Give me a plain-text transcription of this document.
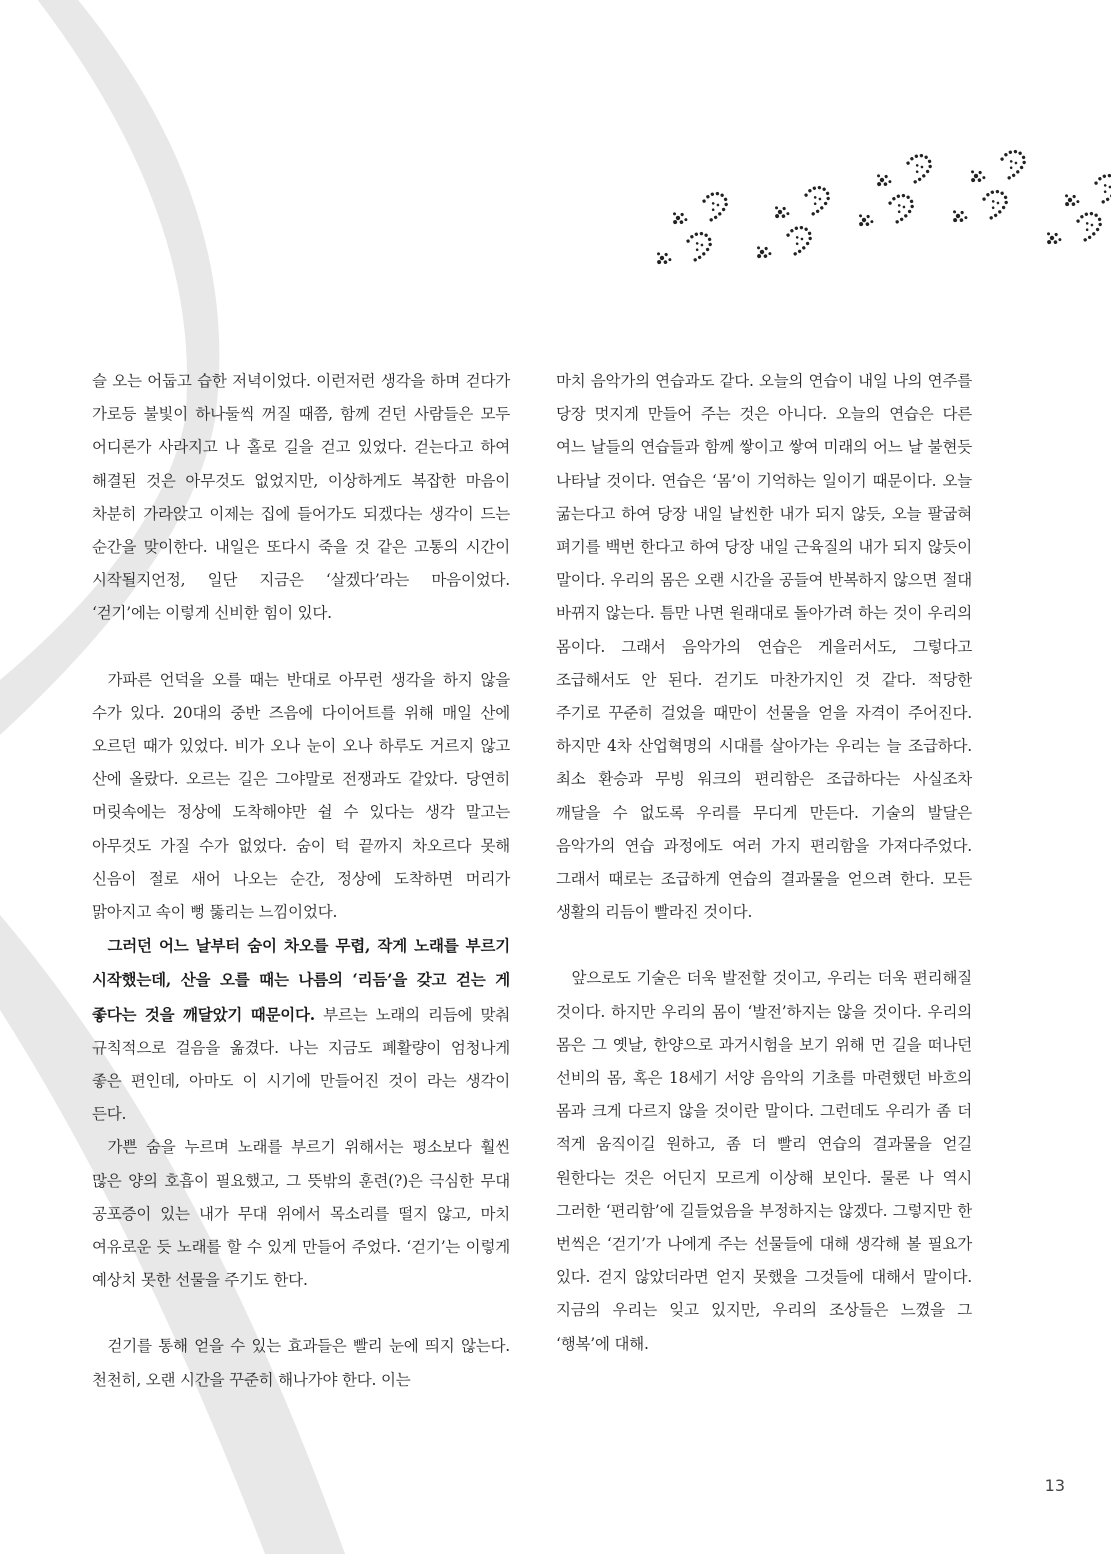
슬 오는 어둡고 습한 저녁이었다. 이런저런 생각을 하며 걷다가 가로등 불빛이 하나둘씩 꺼질 때쯤, 함께 걷던 사람들은 모두 어디론가 사라지고 나 홀로 길을 걷고 있었다. 걷는다고 하여 해결된 것은 아무것도 없었지만, 이상하게도 복잡한 마음이 차분히 가라앉고 이제는 집에 들어가도 되겠다는 생각이 드는 순간을 맞이한다. 내일은 또다시 죽을 것 같은 고통의 시간이 시작될지언정, 일단 지금은 ‘살겠다’라는 마음이었다. ‘걷기’에는 이렇게 신비한 힘이 있다.

가파른 언덕을 오를 때는 반대로 아무런 생각을 하지 않을 수가 있다. 20대의 중반 즈음에 다이어트를 위해 매일 산에 오르던 때가 있었다. 비가 오나 눈이 오나 하루도 거르지 않고 산에 올랐다. 오르는 길은 그야말로 전쟁과도 같았다. 당연히 머릿속에는 정상에 도착해야만 쉴 수 있다는 생각 말고는 아무것도 가질 수가 없었다. 숨이 턱 끝까지 차오르다 못해 신음이 절로 새어 나오는 순간, 정상에 도착하면 머리가 맑아지고 속이 뻥 뚫리는 느낌이었다.

그러던 어느 날부터 숨이 차오를 무렵, 작게 노래를 부르기 시작했는데, 산을 오를 때는 나름의 ‘리듬’을 갖고 걷는 게 좋다는 것을 깨달았기 때문이다. 부르는 노래의 리듬에 맞춰 규칙적으로 걸음을 옮겼다. 나는 지금도 폐활량이 엄청나게 좋은 편인데, 아마도 이 시기에 만들어진 것이 라는 생각이 든다.

가쁜 숨을 누르며 노래를 부르기 위해서는 평소보다 훨씬 많은 양의 호흡이 필요했고, 그 뜻밖의 훈련(?)은 극심한 무대 공포증이 있는 내가 무대 위에서 목소리를 떨지 않고, 마치 여유로운 듯 노래를 할 수 있게 만들어 주었다. ‘걷기’는 이렇게 예상치 못한 선물을 주기도 한다.

걷기를 통해 얻을 수 있는 효과들은 빨리 눈에 띄지 않는다. 천천히, 오랜 시간을 꾸준히 해나가야 한다. 이는

마치 음악가의 연습과도 같다. 오늘의 연습이 내일 나의 연주를 당장 멋지게 만들어 주는 것은 아니다. 오늘의 연습은 다른 여느 날들의 연습들과 함께 쌓이고 쌓여 미래의 어느 날 불현듯 나타날 것이다. 연습은 ‘몸’이 기억하는 일이기 때문이다. 오늘 굶는다고 하여 당장 내일 날씬한 내가 되지 않듯, 오늘 팔굽혀 펴기를 백번 한다고 하여 당장 내일 근육질의 내가 되지 않듯이 말이다. 우리의 몸은 오랜 시간을 공들여 반복하지 않으면 절대 바뀌지 않는다. 틈만 나면 원래대로 돌아가려 하는 것이 우리의 몸이다. 그래서 음악가의 연습은 게을러서도, 그렇다고 조급해서도 안 된다. 걷기도 마찬가지인 것 같다. 적당한 주기로 꾸준히 걸었을 때만이 선물을 얻을 자격이 주어진다. 하지만 4차 산업혁명의 시대를 살아가는 우리는 늘 조급하다. 최소 환승과 무빙 워크의 편리함은 조급하다는 사실조차 깨달을 수 없도록 우리를 무디게 만든다. 기술의 발달은 음악가의 연습 과정에도 여러 가지 편리함을 가져다주었다. 그래서 때로는 조급하게 연습의 결과물을 얻으려 한다. 모든 생활의 리듬이 빨라진 것이다.

앞으로도 기술은 더욱 발전할 것이고, 우리는 더욱 편리해질 것이다. 하지만 우리의 몸이 ‘발전’하지는 않을 것이다. 우리의 몸은 그 옛날, 한양으로 과거시험을 보기 위해 먼 길을 떠나던 선비의 몸, 혹은 18세기 서양 음악의 기초를 마련했던 바흐의 몸과 크게 다르지 않을 것이란 말이다. 그런데도 우리가 좀 더 적게 움직이길 원하고, 좀 더 빨리 연습의 결과물을 얻길 원한다는 것은 어딘지 모르게 이상해 보인다. 물론 나 역시 그러한 ‘편리함’에 길들었음을 부정하지는 않겠다. 그렇지만 한 번씩은 ‘걷기’가 나에게 주는 선물들에 대해 생각해 볼 필요가 있다. 걷지 않았더라면 얻지 못했을 그것들에 대해서 말이다. 지금의 우리는 잊고 있지만, 우리의 조상들은 느꼈을 그 ‘행복’에 대해.

13
